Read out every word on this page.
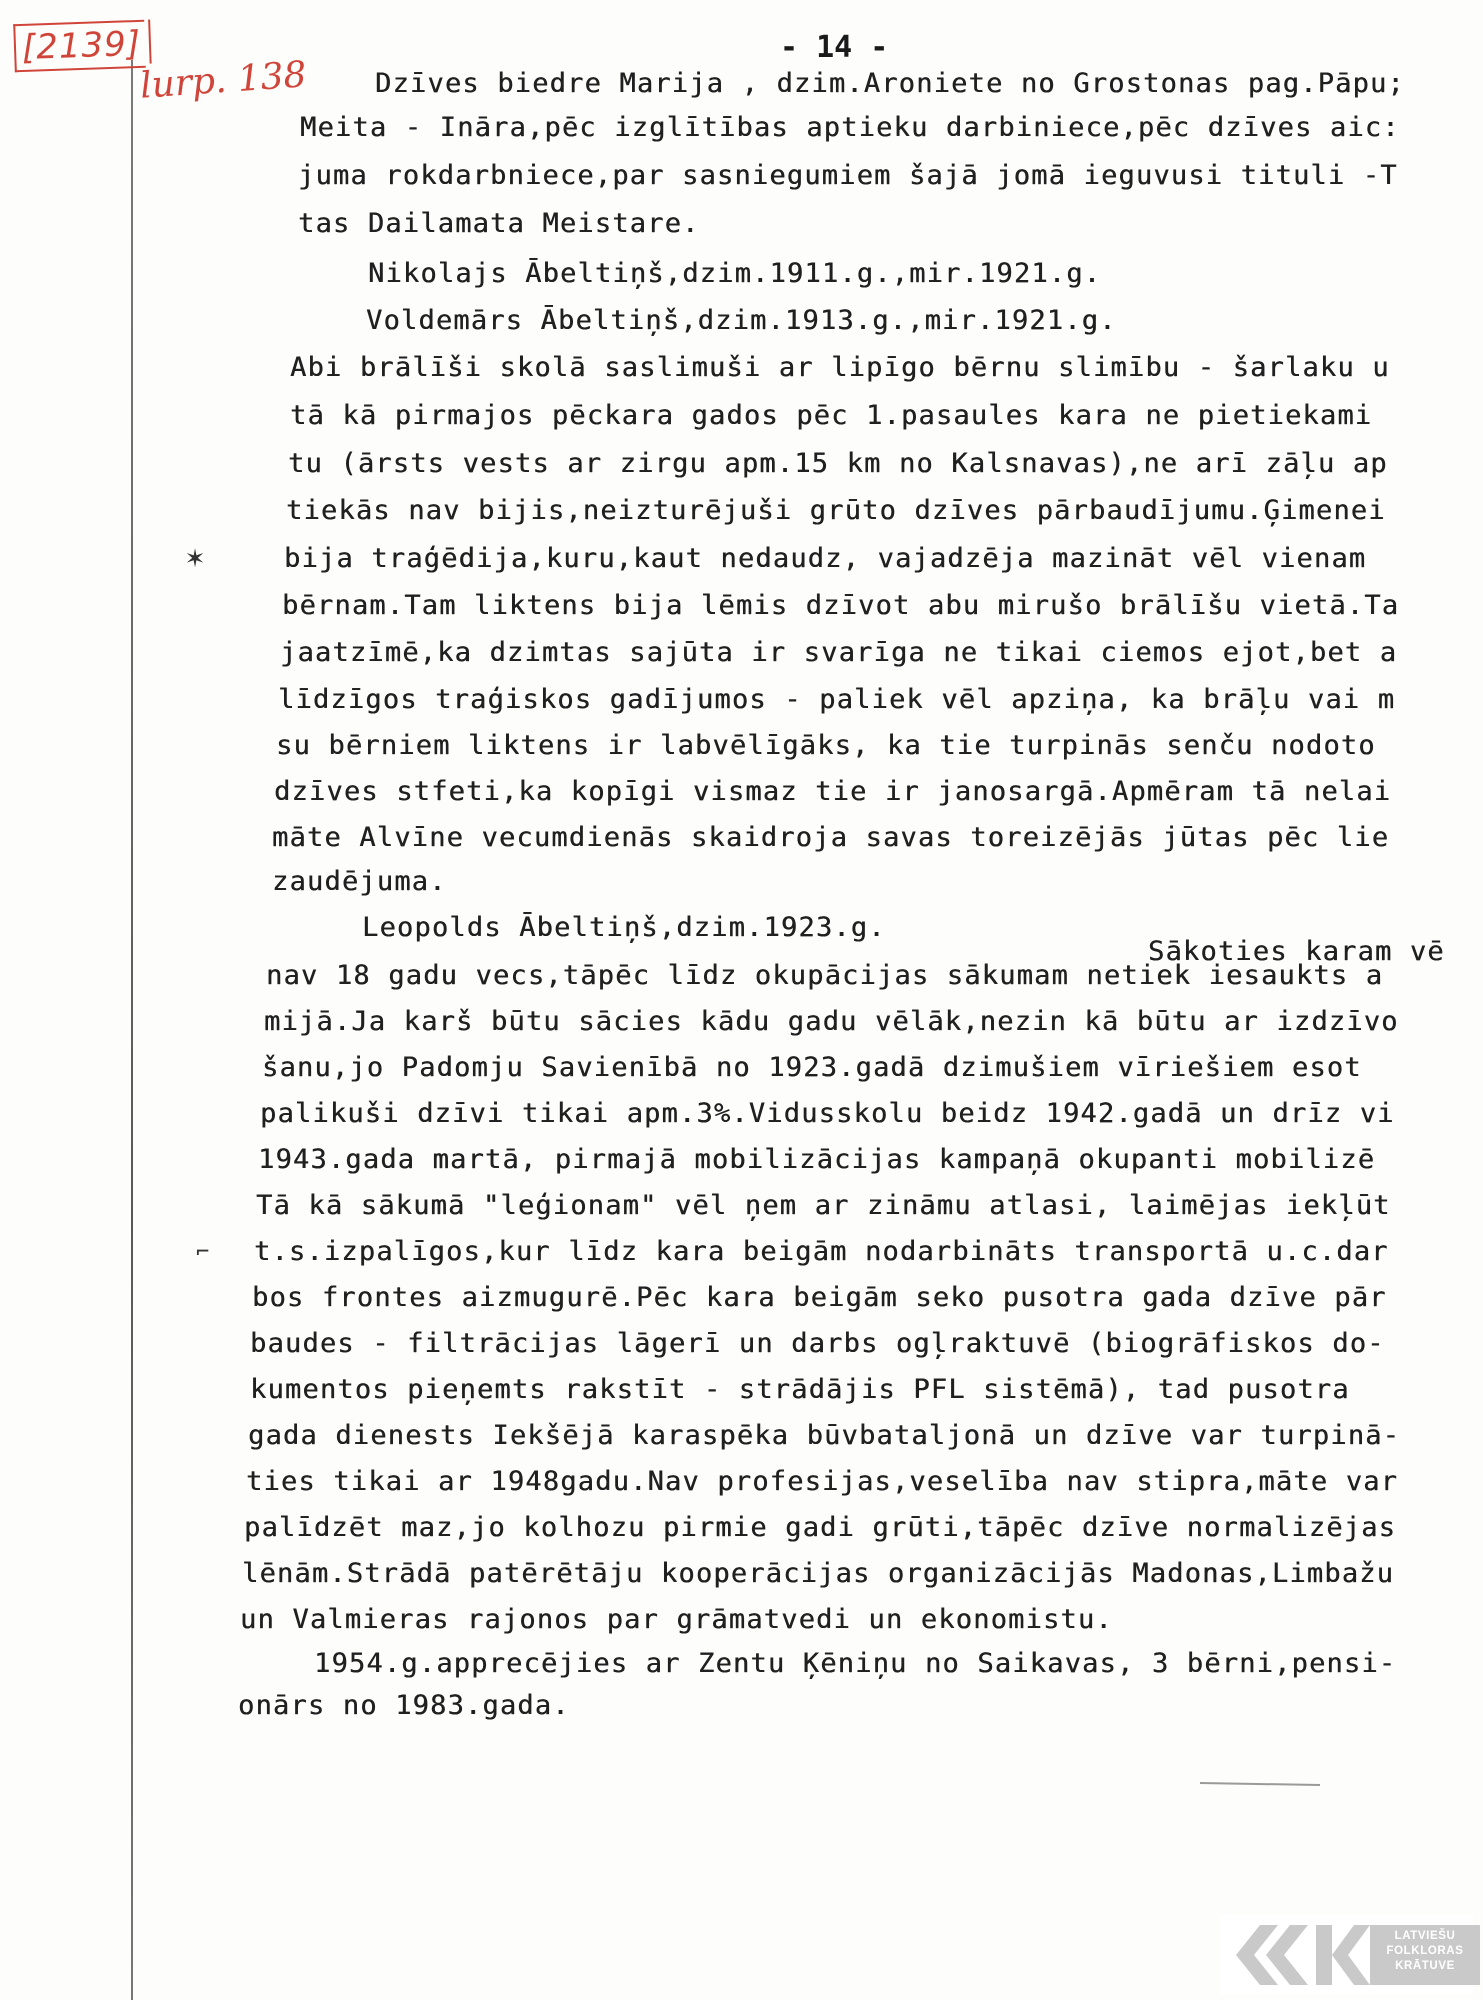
[2139]
lurp. 138
- 14 -
Dzīves biedre Marija , dzim.Aroniete no Grostonas pag.Pāpu;
Meita - Ināra,pēc izglītības aptieku darbiniece,pēc dzīves aic:
juma rokdarbniece,par sasniegumiem šajā jomā ieguvusi tituli -T
tas Dailamata Meistare.
Nikolajs Ābeltiņš,dzim.1911.g.,mir.1921.g.
Voldemārs Ābeltiņš,dzim.1913.g.,mir.1921.g.
Abi brālīši skolā saslimuši ar lipīgo bērnu slimību - šarlaku u
tā kā pirmajos pēckara gados pēc 1.pasaules kara ne pietiekami
tu (ārsts vests ar zirgu apm.15 km no Kalsnavas),ne arī zāļu ap
tiekās nav bijis,neizturējuši grūto dzīves pārbaudījumu.Ģimenei
bija traģēdija,kuru,kaut nedaudz, vajadzēja mazināt vēl vienam
bērnam.Tam liktens bija lēmis dzīvot abu mirušo brālīšu vietā.Ta
jaatzīmē,ka dzimtas sajūta ir svarīga ne tikai ciemos ejot,bet a
līdzīgos traģiskos gadījumos - paliek vēl apziņa, ka brāļu vai m
su bērniem liktens ir labvēlīgāks, ka tie turpinās senču nodoto
dzīves stfeti,ka kopīgi vismaz tie ir janosargā.Apmēram tā nelai
māte Alvīne vecumdienās skaidroja savas toreizējās jūtas pēc lie
zaudējuma.
Leopolds Ābeltiņš,dzim.1923.g.
Sākoties karam vē
nav 18 gadu vecs,tāpēc līdz okupācijas sākumam netiek iesaukts a
mijā.Ja karš būtu sācies kādu gadu vēlāk,nezin kā būtu ar izdzīvo
šanu,jo Padomju Savienībā no 1923.gadā dzimušiem vīriešiem esot
palikuši dzīvi tikai apm.3%.Vidusskolu beidz 1942.gadā un drīz vi
1943.gada martā, pirmajā mobilizācijas kampaņā okupanti mobilizē
Tā kā sākumā "leģionam" vēl ņem ar zināmu atlasi, laimējas iekļūt
t.s.izpalīgos,kur līdz kara beigām nodarbināts transportā u.c.dar
bos frontes aizmugurē.Pēc kara beigām seko pusotra gada dzīve pār
baudes - filtrācijas lāgerī un darbs ogļraktuvē (biogrāfiskos do-
kumentos pieņemts rakstīt - strādājis PFL sistēmā), tad pusotra
gada dienests Iekšējā karaspēka būvbataljonā un dzīve var turpinā-
ties tikai ar 1948gadu.Nav profesijas,veselība nav stipra,māte var
palīdzēt maz,jo kolhozu pirmie gadi grūti,tāpēc dzīve normalizējas
lēnām.Strādā patērētāju kooperācijas organizācijās Madonas,Limbažu
un Valmieras rajonos par grāmatvedi un ekonomistu.
1954.g.apprecējies ar Zentu Ķēniņu no Saikavas, 3 bērni,pensi-
onārs no 1983.gada.
✶
⌐
LATVIEŠU
FOLKLORAS
KRĀTUVE
